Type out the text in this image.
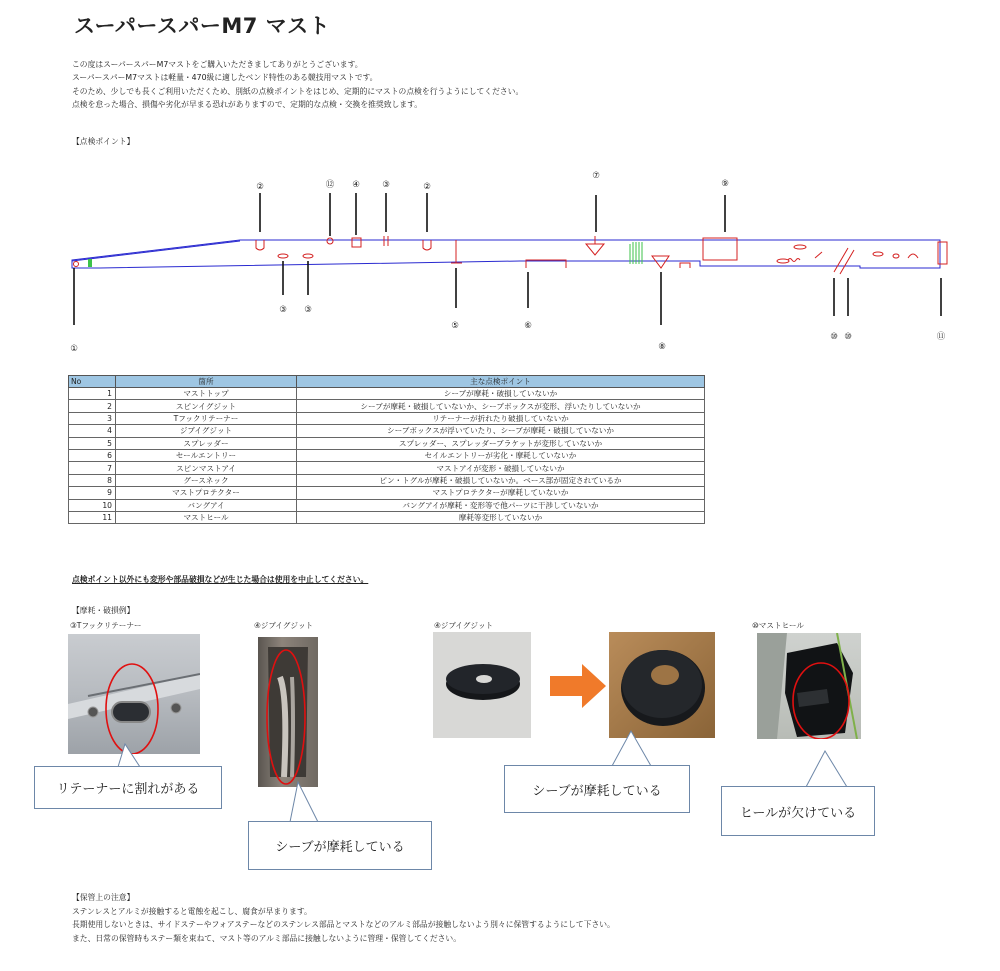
スーパースパーM7 マスト
この度はスーパースパーM7マストをご購入いただきましてありがとうございます。
スーパースパーM7マストは軽量・470級に適したベンド特性のある競技用マストです。
そのため、少しでも長くご利用いただくため、別紙の点検ポイントをはじめ、定期的にマストの点検を行うようにしてください。
点検を怠った場合、損傷や劣化が早まる恐れがありますので、定期的な点検・交換を推奨致します。
【点検ポイント】
①
②	②
③ ③
③
④
⑤	⑥
⑦
⑧
⑨
⑩ ⑩	⑪
⑫
No	箇所	主な点検ポイント
1	マストトップ	シーブが摩耗・破損していないか
2	スピンイグジット	シーブが摩耗・破損していないか、シーブボックスが変形、浮いたりしていないか
3	Tフックリテーナー	リテーナーが折れたり破損していないか
4	ジブイグジット	シーブボックスが浮いていたり、シーブが摩耗・破損していないか
5	スプレッダー	スプレッダー、スプレッダーブラケットが変形していないか
6	セールエントリー	セイルエントリーが劣化・摩耗していないか
7	スピンマストアイ	マストアイが変形・破損していないか
8	グースネック	ピン・トグルが摩耗・破損していないか。ベース部が固定されているか
9	マストプロテクター	マストプロテクターが摩耗していないか
10	バングアイ	バングアイが摩耗・変形等で他パーツに干渉していないか
11	マストヒール	摩耗等変形していないか
点検ポイント以外にも変形や部品破損などが生じた場合は使用を中止してください。
【摩耗・破損例】
③Tフックリテーナー	④ジブイグジット	④ジブイグジット	⑩マストヒール
リテーナーに割れがある
シーブが摩耗している
シーブが摩耗している
ヒールが欠けている
【保管上の注意】
ステンレスとアルミが接触すると電蝕を起こし、腐食が早まります。
長期使用しないときは、サイドステーやフォアステーなどのステンレス部品とマストなどのアルミ部品が接触しないよう別々に保管するようにして下さい。
また、日常の保管時もステー類を束ねて、マスト等のアルミ部品に接触しないように管理・保管してください。
